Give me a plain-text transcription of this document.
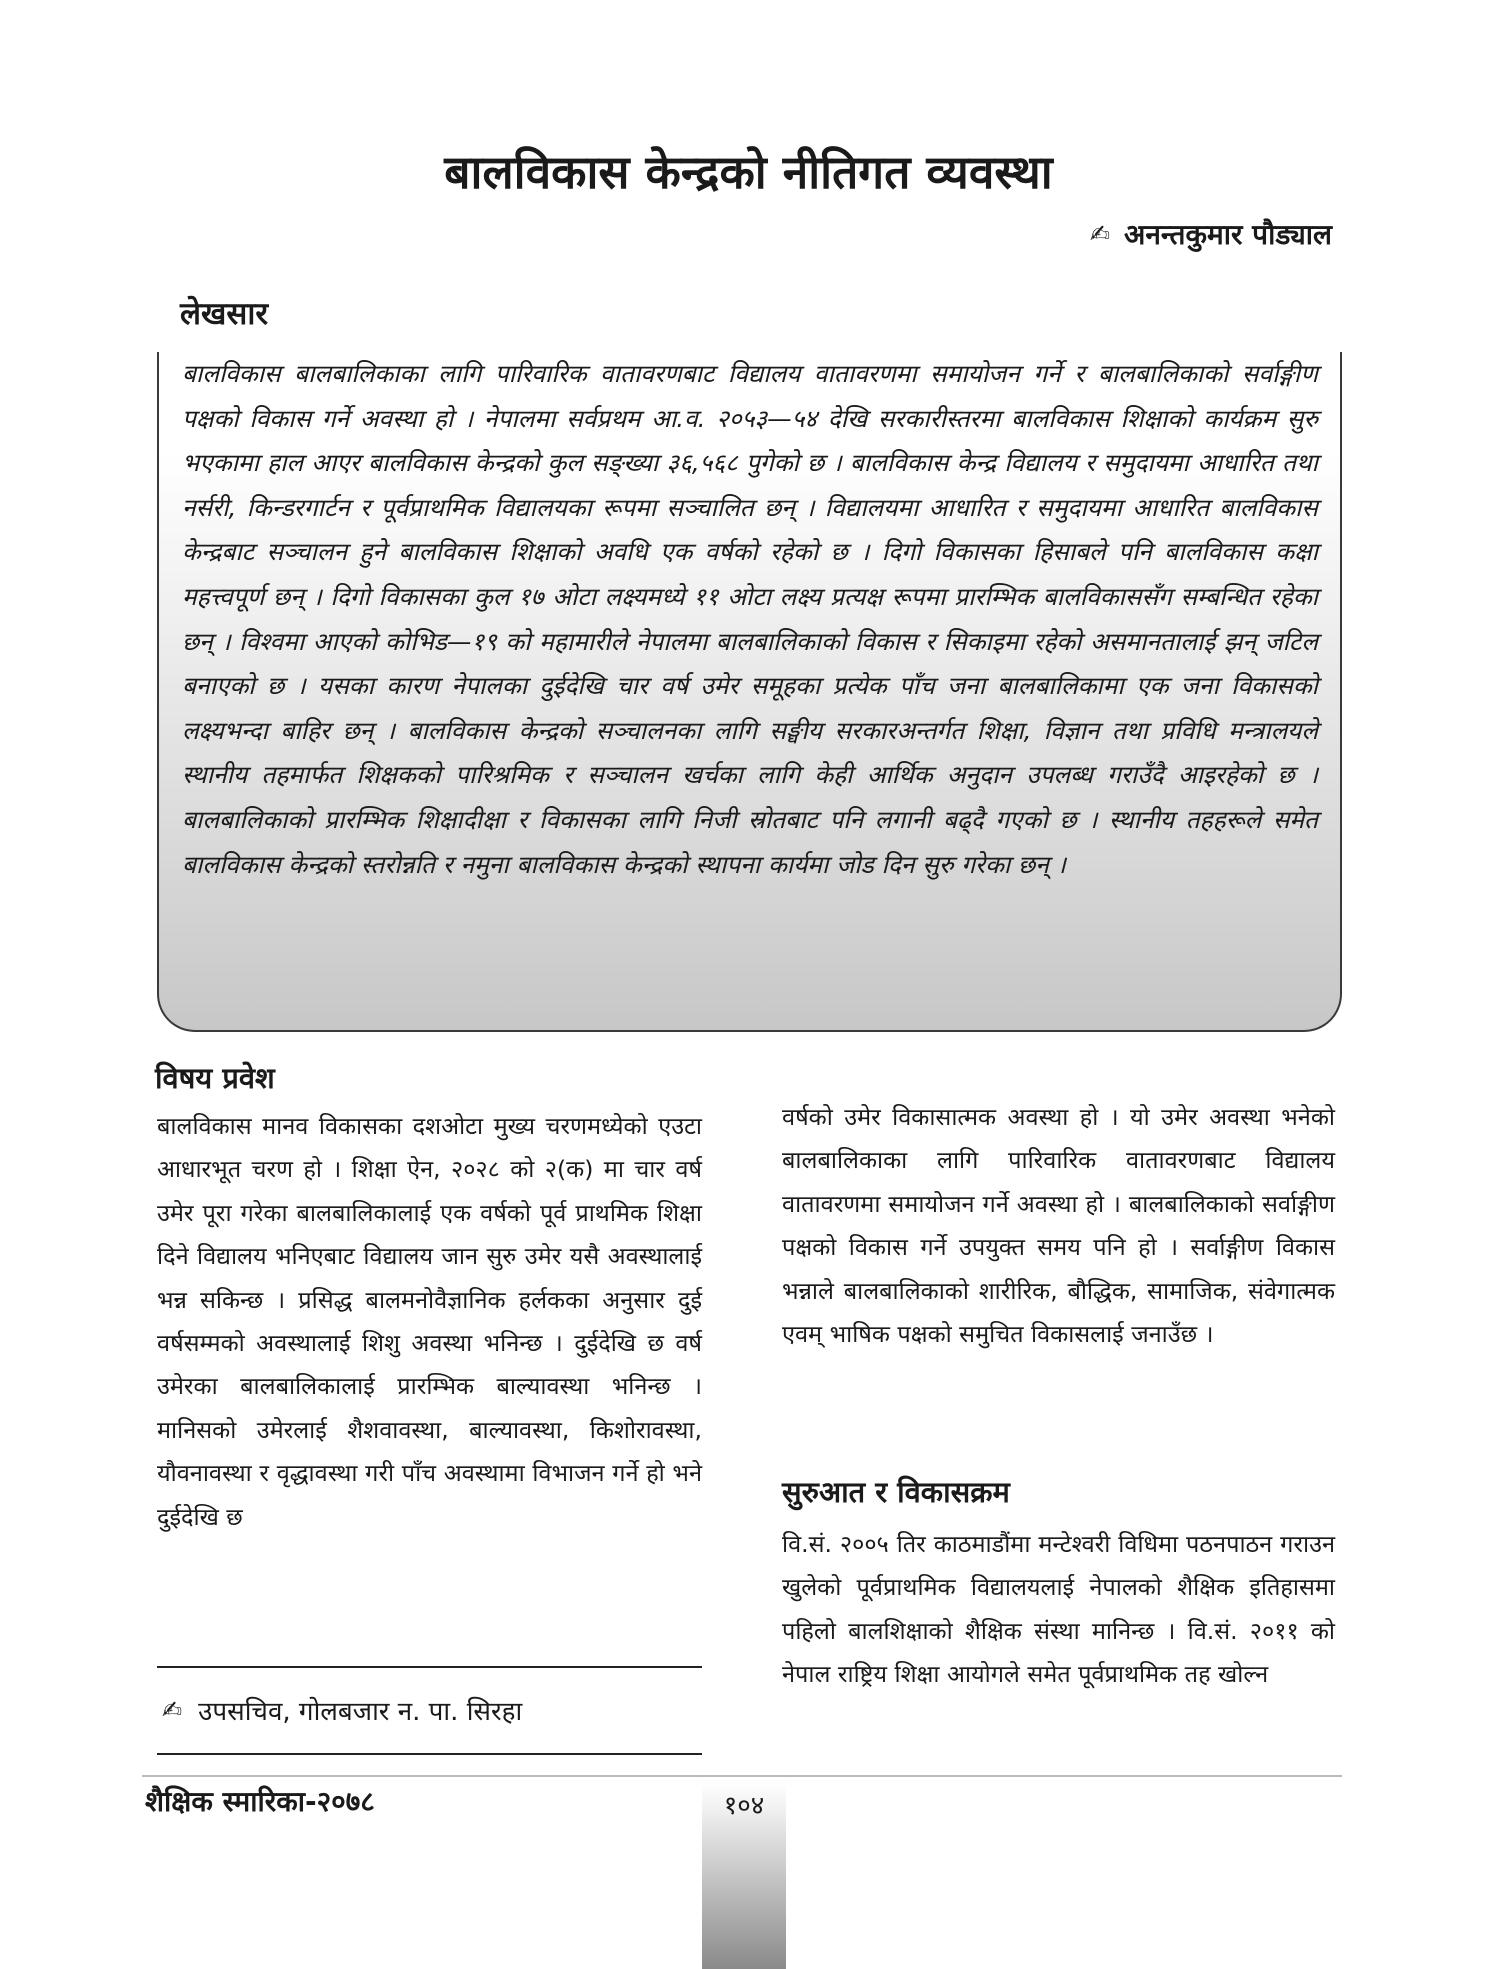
बालविकास केन्द्रको नीतिगत व्यवस्था
✍ अनन्तकुमार पौड्याल
लेखसार

बालविकास बालबालिकाका लागि पारिवारिक वातावरणबाट विद्यालय वातावरणमा समायोजन गर्ने र बालबालिकाको सर्वाङ्गीण पक्षको विकास गर्ने अवस्था हो । नेपालमा सर्वप्रथम आ.व. २०५३—५४ देखि सरकारीस्तरमा बालविकास शिक्षाको कार्यक्रम सुरु भएकामा हाल आएर बालविकास केन्द्रको कुल सङ्ख्या ३६,५६८ पुगेको छ । बालविकास केन्द्र विद्यालय र समुदायमा आधारित तथा नर्सरी, किन्डरगार्टन र पूर्वप्राथमिक विद्यालयका रूपमा सञ्चालित छन् । विद्यालयमा आधारित र समुदायमा आधारित बालविकास केन्द्रबाट सञ्चालन हुने बालविकास शिक्षाको अवधि एक वर्षको रहेको छ । दिगो विकासका हिसाबले पनि बालविकास कक्षा महत्त्वपूर्ण छन् । दिगो विकासका कुल १७ ओटा लक्ष्यमध्ये ११ ओटा लक्ष्य प्रत्यक्ष रूपमा प्रारम्भिक बालविकाससँग सम्बन्धित रहेका छन् । विश्वमा आएको कोभिड—१९ को महामारीले नेपालमा बालबालिकाको विकास र सिकाइमा रहेको असमानतालाई झन् जटिल बनाएको छ । यसका कारण नेपालका दुईदेखि चार वर्ष उमेर समूहका प्रत्येक पाँच जना बालबालिकामा एक जना विकासको लक्ष्यभन्दा बाहिर छन् । बालविकास केन्द्रको सञ्चालनका लागि सङ्घीय सरकारअन्तर्गत शिक्षा, विज्ञान तथा प्रविधि मन्त्रालयले स्थानीय तहमार्फत शिक्षकको पारिश्रमिक र सञ्चालन खर्चका लागि केही आर्थिक अनुदान उपलब्ध गराउँदै आइरहेको छ । बालबालिकाको प्रारम्भिक शिक्षादीक्षा र विकासका लागि निजी स्रोतबाट पनि लगानी बढ्दै गएको छ । स्थानीय तहहरूले समेत बालविकास केन्द्रको स्तरोन्नति र नमुना बालविकास केन्द्रको स्थापना कार्यमा जोड दिन सुरु गरेका छन् ।

विषय प्रवेश

बालविकास मानव विकासका दशओटा मुख्य चरणमध्येको एउटा आधारभूत चरण हो । शिक्षा ऐन, २०२८ को २(क) मा चार वर्ष उमेर पूरा गरेका बालबालिकालाई एक वर्षको पूर्व प्राथमिक शिक्षा दिने विद्यालय भनिएबाट विद्यालय जान सुरु उमेर यसै अवस्थालाई भन्न सकिन्छ । प्रसिद्ध बालमनोवैज्ञानिक हर्लकका अनुसार दुई वर्षसम्मको अवस्थालाई शिशु अवस्था भनिन्छ । दुईदेखि छ वर्ष उमेरका बालबालिकालाई प्रारम्भिक बाल्यावस्था भनिन्छ । मानिसको उमेरलाई शैशवावस्था, बाल्यावस्था, किशोरावस्था, यौवनावस्था र वृद्धावस्था गरी पाँच अवस्थामा विभाजन गर्ने हो भने दुईदेखि छ

✍ उपसचिव, गोलबजार न. पा. सिरहा

वर्षको उमेर विकासात्मक अवस्था हो । यो उमेर अवस्था भनेको बालबालिकाका लागि पारिवारिक वातावरणबाट विद्यालय वातावरणमा समायोजन गर्ने अवस्था हो । बालबालिकाको सर्वाङ्गीण पक्षको विकास गर्ने उपयुक्त समय पनि हो । सर्वाङ्गीण विकास भन्नाले बालबालिकाको शारीरिक, बौद्धिक, सामाजिक, संवेगात्मक एवम् भाषिक पक्षको समुचित विकासलाई जनाउँछ ।

सुरुआत र विकासक्रम

वि.सं. २००५ तिर काठमाडौंमा मन्टेश्वरी विधिमा पठनपाठन गराउन खुलेको पूर्वप्राथमिक विद्यालयलाई नेपालको शैक्षिक इतिहासमा पहिलो बालशिक्षाको शैक्षिक संस्था मानिन्छ । वि.सं. २०११ को नेपाल राष्ट्रिय शिक्षा आयोगले समेत पूर्वप्राथमिक तह खोल्न

शैक्षिक स्मारिका-२०७८	१०४
